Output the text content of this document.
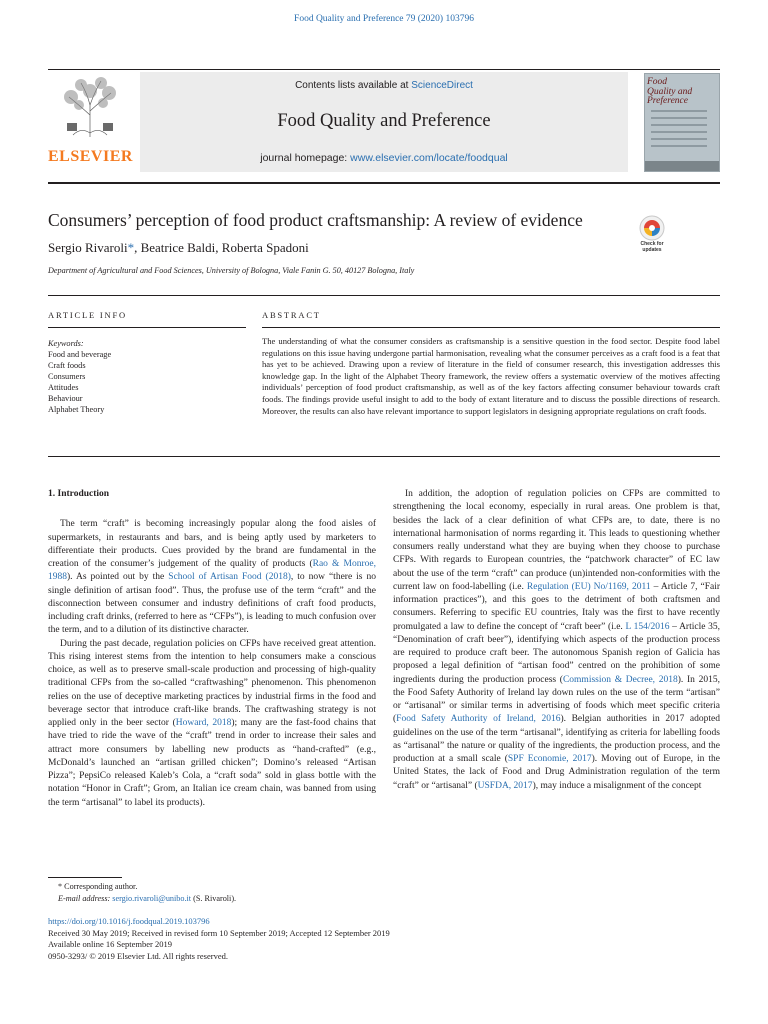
Food Quality and Preference 79 (2020) 103796
ELSEVIER
Contents lists available at ScienceDirect
Food Quality and Preference
journal homepage: www.elsevier.com/locate/foodqual
Food
Quality and
Preference
Consumers’ perception of food product craftsmanship: A review of evidence
Check for updates
Sergio Rivaroli*, Beatrice Baldi, Roberta Spadoni
Department of Agricultural and Food Sciences, University of Bologna, Viale Fanin G. 50, 40127 Bologna, Italy
ARTICLE INFO
Keywords:
Food and beverage
Craft foods
Consumers
Attitudes
Behaviour
Alphabet Theory
ABSTRACT
The understanding of what the consumer considers as craftsmanship is a sensitive question in the food sector. Despite food label regulations on this issue having undergone partial harmonisation, revealing what the consumer perceives as a craft food is a feat that has yet to be achieved. Drawing upon a review of literature in the field of consumer research, this investigation addresses this knowledge gap. In the light of the Alphabet Theory framework, the review offers a systematic overview of the motives affecting individuals’ perception of food product craftsmanship, as well as of the key factors affecting consumer behaviour towards craft foods. The findings provide useful insight to add to the body of extant literature and to discuss the possible directions of research. Moreover, the results can also have relevant importance to support legislators in designing appropriate regulations on craft foods.
1. Introduction

The term “craft” is becoming increasingly popular along the food aisles of supermarkets, in restaurants and bars, and is being aptly used by marketers to differentiate their products. Cues provided by the brand are fundamental in the creation of the consumer’s judgement of the quality of products (Rao & Monroe, 1988). As pointed out by the School of Artisan Food (2018), to now “there is no single definition of artisan food”. Thus, the profuse use of the term “craft” and the disconnection between consumer and industry definitions of craft food products, including craft drinks, (referred to here as “CFPs”), is leading to much confusion over the term, and to a dilution of its distinctive character.

During the past decade, regulation policies on CFPs have received great attention. This rising interest stems from the intention to help consumers make a conscious choice, as well as to preserve small-scale production and processing of high-quality traditional CFPs from the so-called “craftwashing” phenomenon. This phenomenon relies on the use of deceptive marketing practices by industrial firms in the food and beverage sector that introduce craft-like brands. The craftwashing strategy is not applied only in the beer sector (Howard, 2018); many are the fast-food chains that have tried to ride the wave of the “craft” trend in order to increase their sales and attract more consumers by labelling new products as “hand-crafted” (e.g., McDonald’s launched an “artisan grilled chicken”; Domino’s released “Artisan Pizza”; PepsiCo released Kaleb’s Cola, a “craft soda” sold in glass bottle with the notation “Honor in Craft”; Grom, an Italian ice cream chain, was banned from using the term “artisanal” to label its products).

In addition, the adoption of regulation policies on CFPs are committed to strengthening the local economy, especially in rural areas. One problem is that, besides the lack of a clear definition of what CFPs are, to date, there is no international harmonisation of norms regarding it. This leads to questioning whether consumers really understand what they are buying when they choose to purchase CFPs. With regards to European countries, the “patchwork character” of EC law about the use of the term “craft” can produce (un)intended non-conformities with the current law on food-labelling (i.e. Regulation (EU) No/1169, 2011 – Article 7, “Fair information practices”), and this goes to the detriment of both craftsmen and consumers. Referring to specific EU countries, Italy was the first to have recently promulgated a law to define the concept of “craft beer” (i.e. L 154/2016 – Article 35, “Denomination of craft beer”), identifying which aspects of the production process are required to produce craft beer. The autonomous Spanish region of Galicia has proposed a legal definition of “artisan food” centred on the prohibition of some ingredients during the production process (Commission & Decree, 2018). In 2015, the Food Safety Authority of Ireland lay down rules on the use of the term “artisan” or “artisanal” or similar terms in advertising of foods which meet specific criteria (Food Safety Authority of Ireland, 2016). Belgian authorities in 2017 adopted guidelines on the use of the term “artisanal”, identifying as criteria for labelling foods as “artisanal” the nature or quality of the ingredients, the production process, and the production at a small scale (SPF Economie, 2017). Moving out of Europe, in the United States, the lack of Food and Drug Administration regulation of the term “craft” or “artisanal” (USFDA, 2017), may induce a misalignment of the concept

* Corresponding author.
E-mail address: sergio.rivaroli@unibo.it (S. Rivaroli).
https://doi.org/10.1016/j.foodqual.2019.103796
Received 30 May 2019; Received in revised form 10 September 2019; Accepted 12 September 2019
Available online 16 September 2019
0950-3293/ © 2019 Elsevier Ltd. All rights reserved.
